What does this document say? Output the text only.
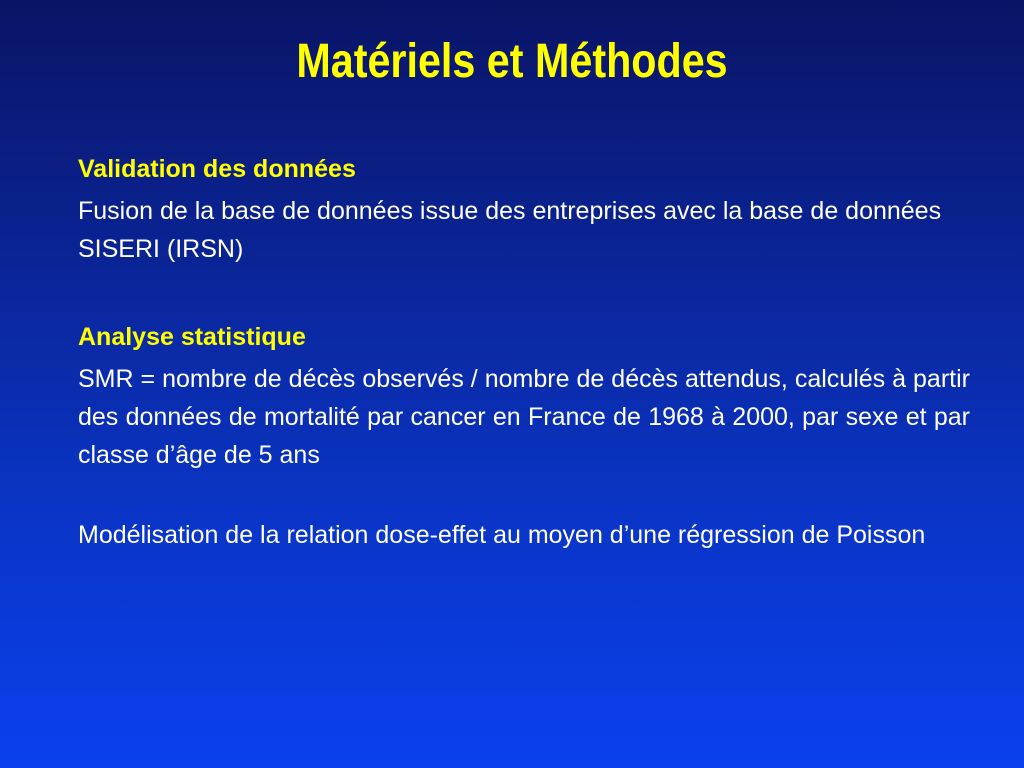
Matériels et Méthodes

Validation des données

Fusion de la base de données issue des entreprises avec la base de données SISERI (IRSN)

Analyse statistique

SMR = nombre de décès observés / nombre de décès attendus, calculés à partir des données de mortalité par cancer en France de 1968 à 2000, par sexe et par classe d’âge de 5 ans

Modélisation de la relation dose-effet au moyen d’une régression de Poisson
